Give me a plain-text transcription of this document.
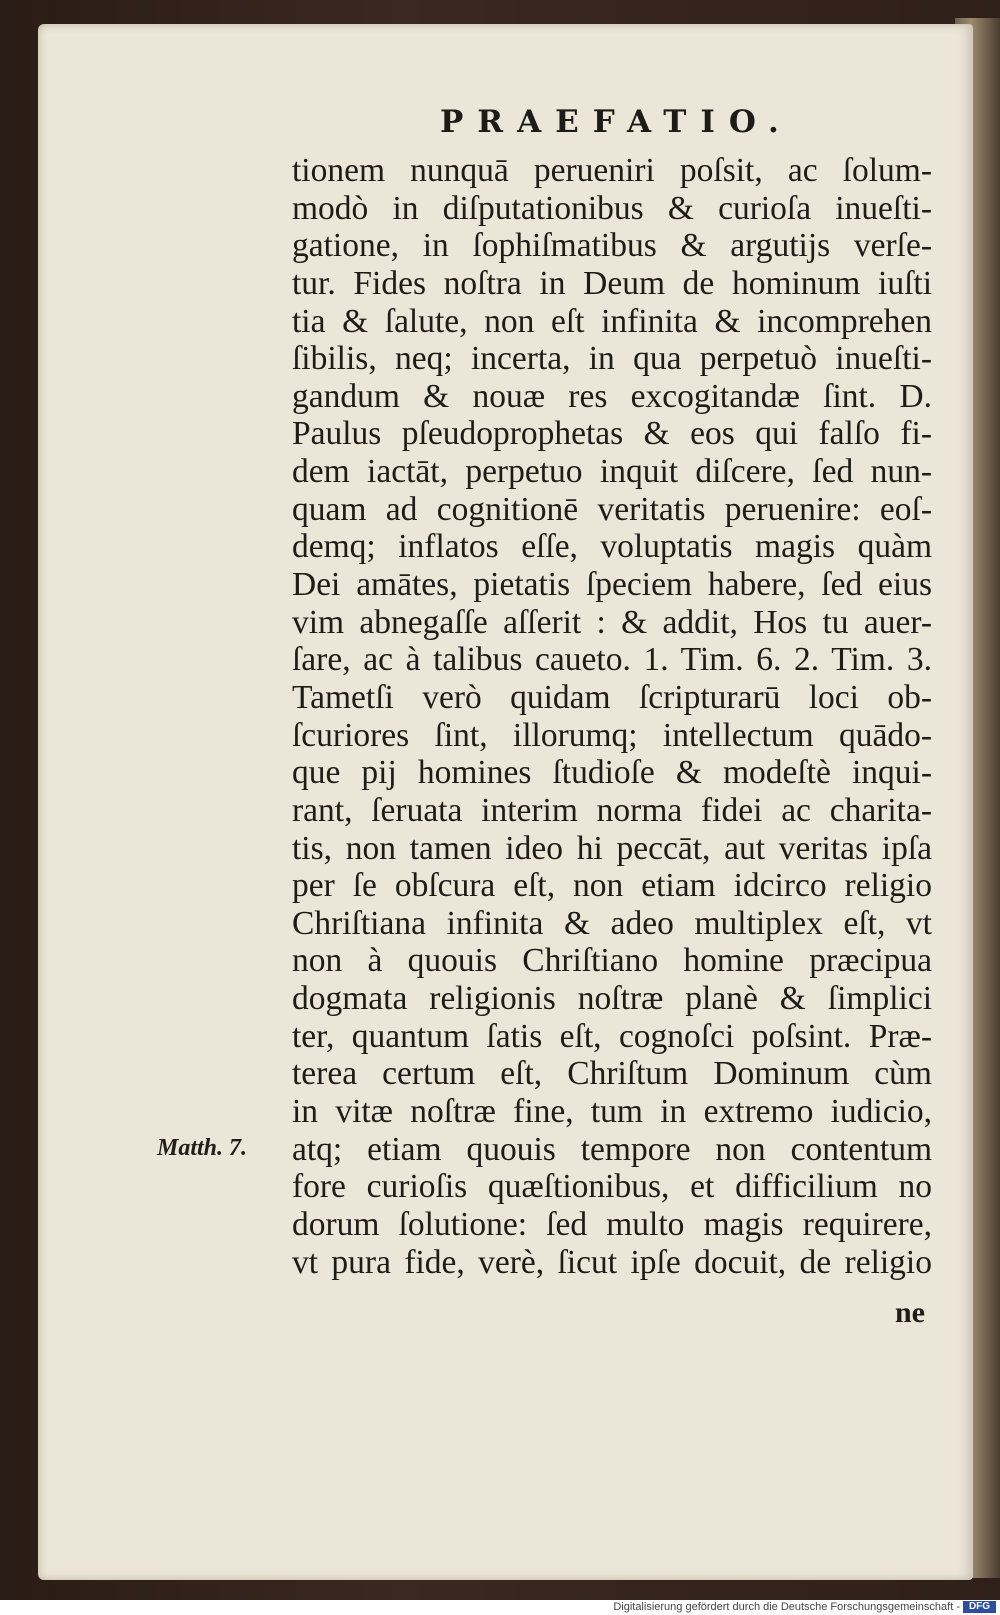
PRAEFATIO.
Matth. 7.
tionem nunquā perueniri poſsit, ac ſolum-
modò in diſputationibus & curioſa inueſti-
gatione, in ſophiſmatibus & argutijs verſe-
tur. Fides noſtra in Deum de hominum iuſti
tia & ſalute, non eſt infinita & incomprehen
ſibilis, neq; incerta, in qua perpetuò inueſti-
gandum & nouæ res excogitandæ ſint. D.
Paulus pſeudoprophetas & eos qui falſo fi-
dem iactāt, perpetuo inquit diſcere, ſed nun-
quam ad cognitionē veritatis peruenire: eoſ-
demq; inflatos eſſe, voluptatis magis quàm
Dei amātes, pietatis ſpeciem habere, ſed eius
vim abnegaſſe aſſerit : & addit, Hos tu auer-
ſare, ac à talibus caueto. 1. Tim. 6. 2. Tim. 3.
Tametſi verò quidam ſcripturarū loci ob-
ſcuriores ſint, illorumq; intellectum quādo-
que pij homines ſtudioſe & modeſtè inqui-
rant, ſeruata interim norma fidei ac charita-
tis, non tamen ideo hi peccāt, aut veritas ipſa
per ſe obſcura eſt, non etiam idcirco religio
Chriſtiana infinita & adeo multiplex eſt, vt
non à quouis Chriſtiano homine præcipua
dogmata religionis noſtræ planè & ſimplici
ter, quantum ſatis eſt, cognoſci poſsint. Præ-
terea certum eſt, Chriſtum Dominum cùm
in vitæ noſtræ fine, tum in extremo iudicio,
atq; etiam quouis tempore non contentum
fore curioſis quæſtionibus, et difficilium no
dorum ſolutione: ſed multo magis requirere,
vt pura fide, verè, ſicut ipſe docuit, de religio
ne
Digitalisierung gefördert durch die Deutsche Forschungsgemeinschaft - DFG
